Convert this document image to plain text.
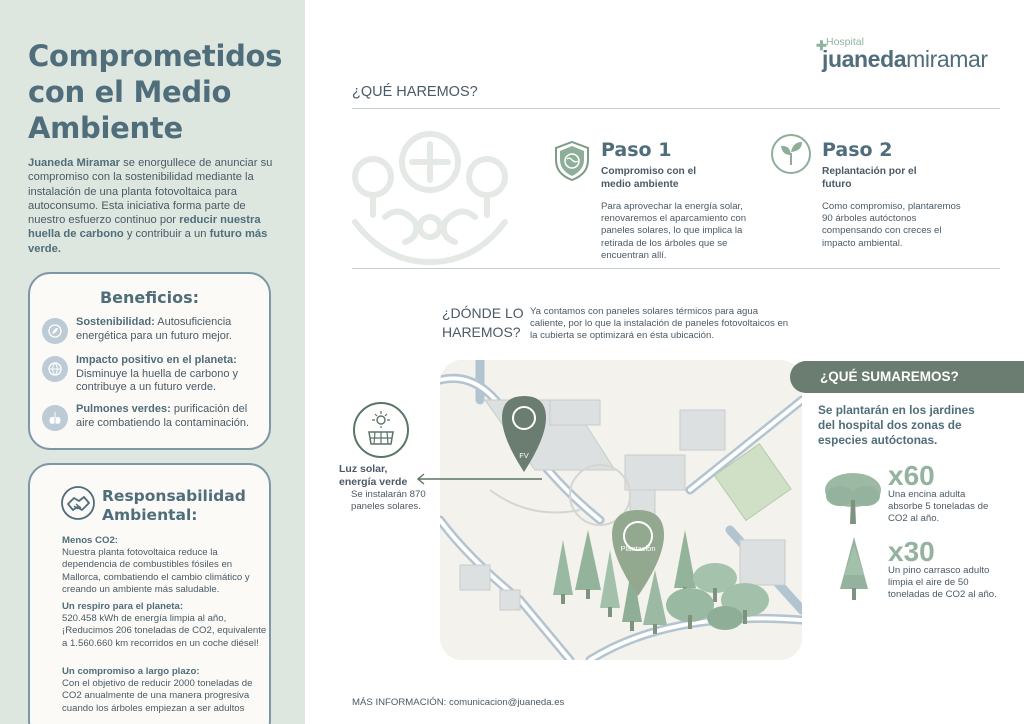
Comprometidos con el Medio Ambiente

Juaneda Miramar se enorgullece de anunciar su compromiso con la sostenibilidad mediante la instalación de una planta fotovoltaica para autoconsumo. Esta iniciativa forma parte de nuestro esfuerzo continuo por reducir nuestra huella de carbono y contribuir a un futuro más verde.

Beneficios:
Sostenibilidad: Autosuficiencia energética para un futuro mejor.
Impacto positivo en el planeta: Disminuye la huella de carbono y contribuye a un futuro verde.
Pulmones verdes: purificación del aire combatiendo la contaminación.
Responsabilidad
Ambiental:
Menos CO2:
Nuestra planta fotovoltaica reduce la dependencia de combustibles fósiles en Mallorca, combatiendo el cambio climático y creando un ambiente más saludable.
Un respiro para el planeta:
520.458 kWh de energía limpia al año, ¡Reducimos 206 toneladas de CO2, equivalente a 1.560.660 km recorridos en un coche diésel!
Un compromiso a largo plazo:
Con el objetivo de reducir 2000 toneladas de CO2 anualmente de una manera progresiva cuando los árboles empiezan a ser adultos
✚ Hospital
juanedamiramar
¿QUÉ HAREMOS?
Paso 1
Compromiso con el medio ambiente
Para aprovechar la energía solar, renovaremos el aparcamiento con paneles solares, lo que implica la retirada de los árboles que se encuentran allí.
Paso 2
Replantación por el futuro
Como compromiso, plantaremos 90 árboles autóctonos compensando con creces el impacto ambiental.
¿DÓNDE LO
HAREMOS?
Ya contamos con paneles solares térmicos para agua caliente, por lo que la instalación de paneles fotovoltaicos en la cubierta se optimizará en ésta ubicación.
FV
Plantación
Luz solar,
energía verde
Se instalarán 870 paneles solares.
¿QUÉ SUMAREMOS?
Se plantarán en los jardines del hospital dos zonas de especies autóctonas.
x60
Una encina adulta absorbe 5 toneladas de CO2 al año.
x30
Un pino carrasco adulto limpia el aire de 50 toneladas de CO2 al año.
MÁS INFORMACIÓN: comunicacion@juaneda.es
